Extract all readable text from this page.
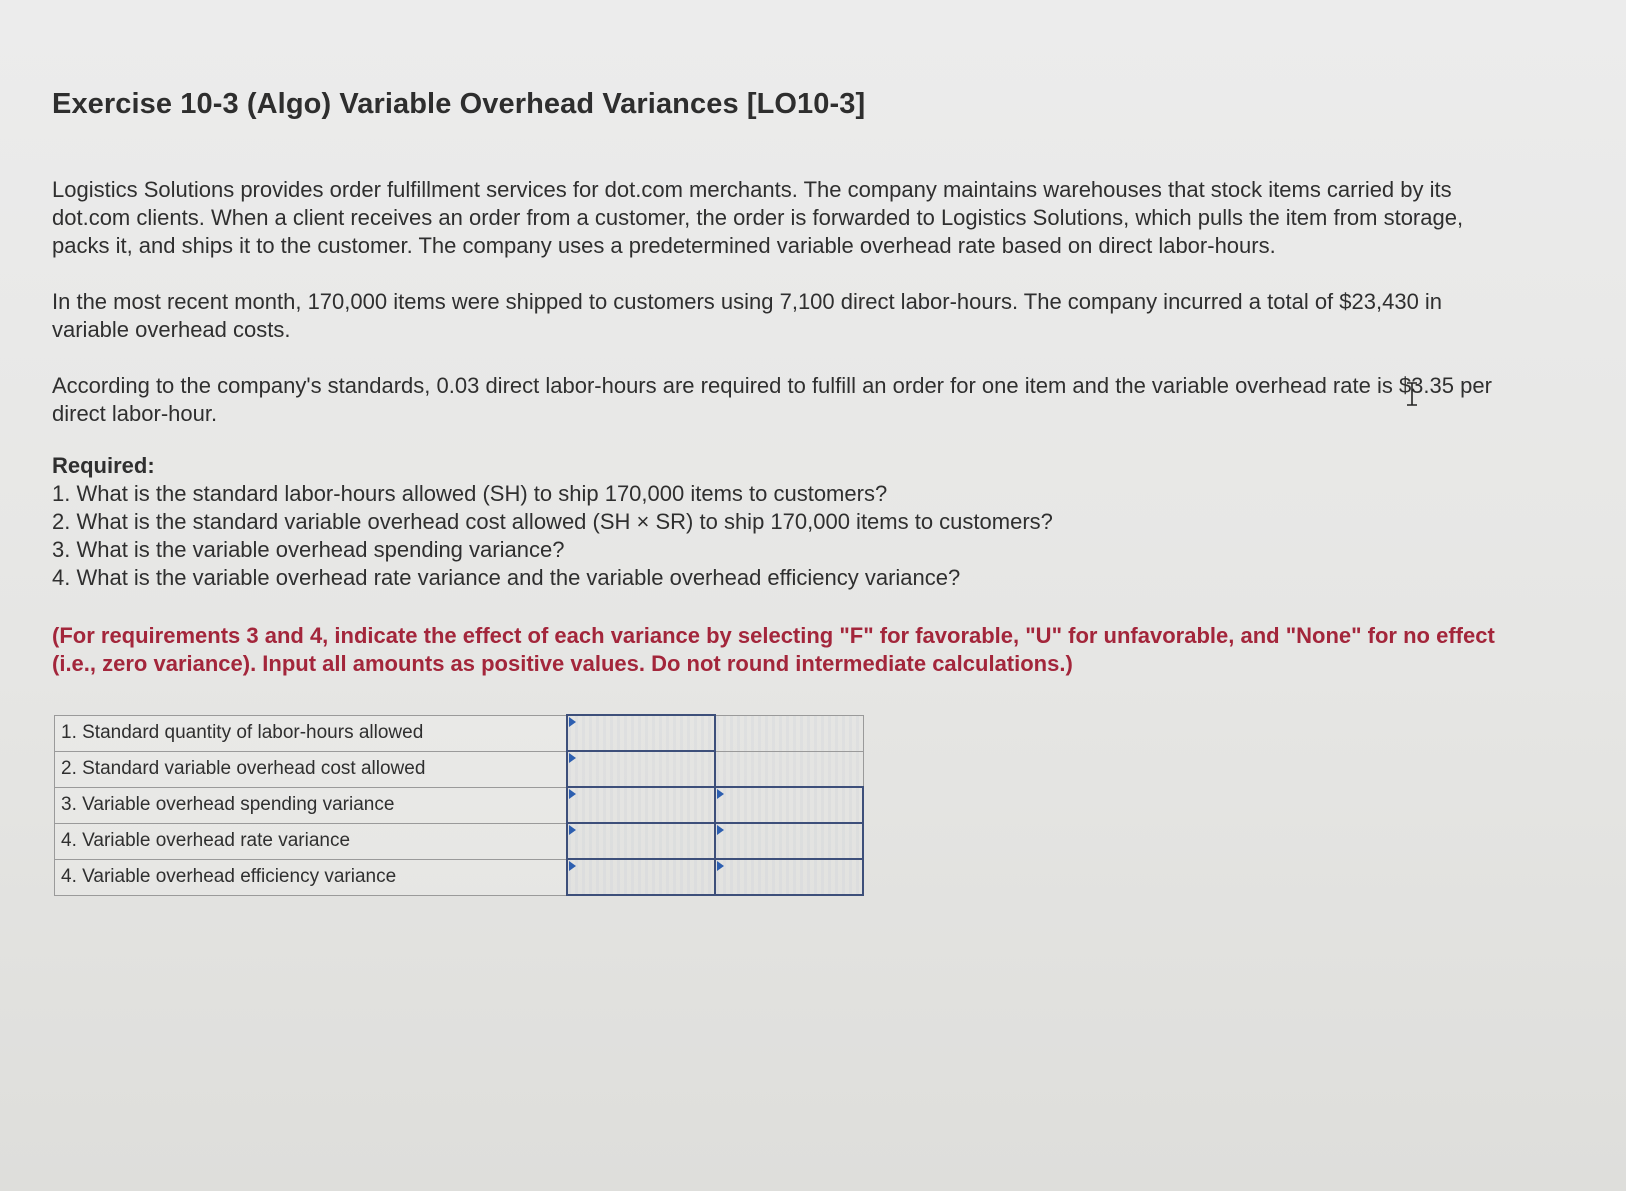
Exercise 10-3 (Algo) Variable Overhead Variances [LO10-3]

Logistics Solutions provides order fulfillment services for dot.com merchants. The company maintains warehouses that stock items carried by its dot.com clients. When a client receives an order from a customer, the order is forwarded to Logistics Solutions, which pulls the item from storage, packs it, and ships it to the customer. The company uses a predetermined variable overhead rate based on direct labor-hours.

In the most recent month, 170,000 items were shipped to customers using 7,100 direct labor-hours. The company incurred a total of $23,430 in variable overhead costs.

According to the company's standards, 0.03 direct labor-hours are required to fulfill an order for one item and the variable overhead rate is $3.35 per direct labor-hour.

Required:
1. What is the standard labor-hours allowed (SH) to ship 170,000 items to customers?
2. What is the standard variable overhead cost allowed (SH × SR) to ship 170,000 items to customers?
3. What is the variable overhead spending variance?
4. What is the variable overhead rate variance and the variable overhead efficiency variance?

(For requirements 3 and 4, indicate the effect of each variance by selecting "F" for favorable, "U" for unfavorable, and "None" for no effect (i.e., zero variance). Input all amounts as positive values. Do not round intermediate calculations.)

1. Standard quantity of labor-hours allowed	

2. Standard variable overhead cost allowed	

3. Variable overhead spending variance	

4. Variable overhead rate variance	

4. Variable overhead efficiency variance	
